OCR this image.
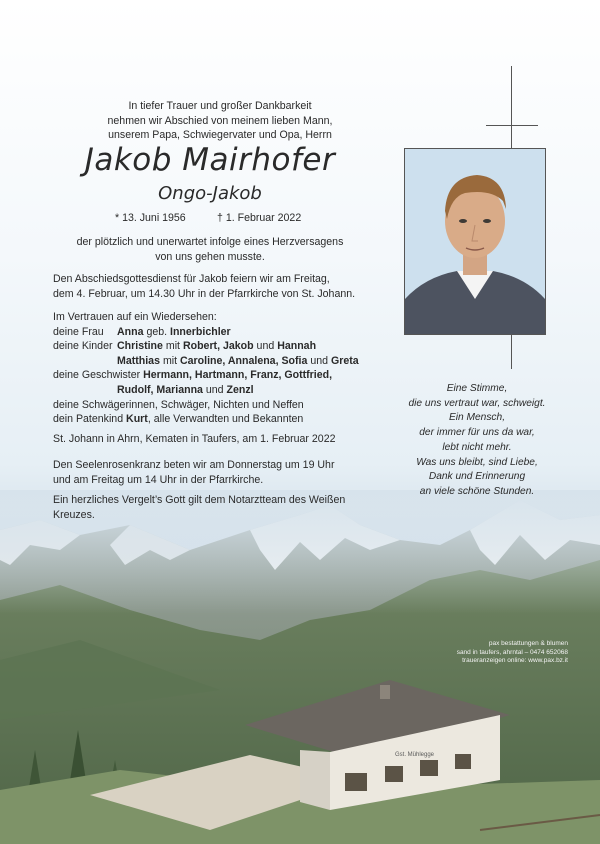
In tiefer Trauer und großer Dankbarkeit
nehmen wir Abschied von meinem lieben Mann,
unserem Papa, Schwiegervater und Opa, Herrn
Jakob Mairhofer
Ongo-Jakob
* 13. Juni 1956	† 1. Februar 2022
der plötzlich und unerwartet infolge eines Herzversagens
von uns gehen musste.
Den Abschiedsgottesdienst für Jakob feiern wir am Freitag,
dem 4. Februar, um 14.30 Uhr in der Pfarrkirche von St. Johann.
Im Vertrauen auf ein Wiedersehen:
deine Frau Anna geb. Innerbichler
deine Kinder Christine mit Robert, Jakob und Hannah
Matthias mit Caroline, Annalena, Sofia und Greta
deine Geschwister Hermann, Hartmann, Franz, Gottfried,
Rudolf, Marianna und Zenzl
deine Schwägerinnen, Schwäger, Nichten und Neffen
dein Patenkind Kurt, alle Verwandten und Bekannten
St. Johann in Ahrn, Kematen in Taufers, am 1. Februar 2022
Den Seelenrosenkranz beten wir am Donnerstag um 19 Uhr
und am Freitag um 14 Uhr in der Pfarrkirche.
Ein herzliches Vergelt’s Gott gilt dem Notarztteam des Weißen
Kreuzes.
Eine Stimme,
die uns vertraut war, schweigt.
Ein Mensch,
der immer für uns da war,
lebt nicht mehr.
Was uns bleibt, sind Liebe,
Dank und Erinnerung
an viele schöne Stunden.
pax bestattungen & blumen
sand in taufers, ahrntal – 0474 652068
traueranzeigen online: www.pax.bz.it
